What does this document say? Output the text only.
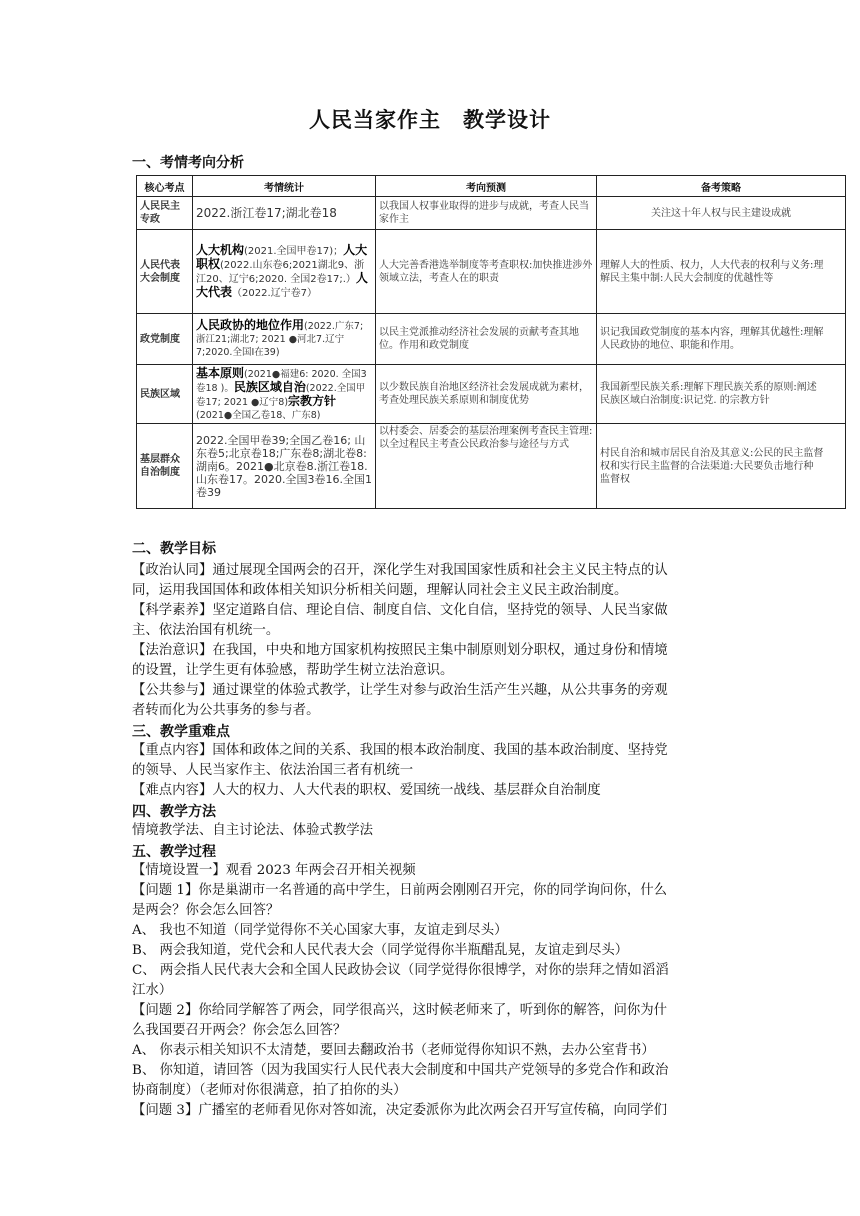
人民当家作主　教学设计
一、考情考向分析
核心考点	考情统计	考向预测	备考策略
人民民主专政	2022.浙江卷17;湖北卷18	以我国人权事业取得的进步与成就，考查人民当家作主	关注这十年人权与民主建设成就
人民代表大会制度	人大机构(2021.全国甲卷17)；人大职权(2022.山东卷6;2021湖北9、浙江20、辽宁6;2020. 全国2卷17;.）人大代表（2022.辽宁卷7）	人大完善香港选举制度等考查职权:加快推进涉外领域立法，考查人在的职责	理解人大的性质、权力，人大代表的权利与义务:理
解民主集中制:人民大会制度的优越性等
政党制度	人民政协的地位作用(2022.广东7; 浙江21;湖北7; 2021 ●河北7.辽宁7;2020.全国I在39)	以民主党派推动经济社会发展的贡献考查其地位。作用和政党制度	识记我国政党制度的基本内容，理解其优越性:理解
人民政协的地位、职能和作用。
民族区域	基本原则(2021●福建6: 2020. 全国3卷18 )。民族区域自治(2022.全国甲卷17; 2021 ●辽宁8)宗教方针(2021●全国乙卷18、广东8)	以少数民族自治地区经济社会发展成就为素材，考查处理民族关系原则和制度优势	我国新型民族关系:理解下理民族关系的原则:阐述
民族区域白治制度:识记党. 的宗教方针
基层群众自治制度	2022.全国甲卷39;全国乙卷16; 山东卷5;北京卷18;广东卷8;湖北卷8:湖南6。2021●北京卷8.浙江卷18.山东卷17。2020.全国3卷16.全国1卷39	以村委会、居委会的基层治理案例考查民主管理:以全过程民主考查公民政治参与途径与方式	村民自治和城市居民自治及其意义:公民的民主监督
权和实行民主监督的合法渠道:大民要负击地行种
监督权
二、教学目标
【政治认同】通过展现全国两会的召开，深化学生对我国国家性质和社会主义民主特点的认
同，运用我国国体和政体相关知识分析相关问题，理解认同社会主义民主政治制度。
【科学素养】坚定道路自信、理论自信、制度自信、文化自信，坚持党的领导、人民当家做
主、依法治国有机统一。
【法治意识】在我国，中央和地方国家机构按照民主集中制原则划分职权，通过身份和情境
的设置，让学生更有体验感，帮助学生树立法治意识。
【公共参与】通过课堂的体验式教学，让学生对参与政治生活产生兴趣，从公共事务的旁观
者转而化为公共事务的参与者。
三、教学重难点
【重点内容】国体和政体之间的关系、我国的根本政治制度、我国的基本政治制度、坚持党
的领导、人民当家作主、依法治国三者有机统一
【难点内容】人大的权力、人大代表的职权、爱国统一战线、基层群众自治制度
四、教学方法
情境教学法、自主讨论法、体验式教学法
五、教学过程
【情境设置一】观看 2023 年两会召开相关视频
【问题 1】你是巢湖市一名普通的高中学生，日前两会刚刚召开完，你的同学询问你，什么
是两会？你会怎么回答？
A、 我也不知道（同学觉得你不关心国家大事，友谊走到尽头）
B、 两会我知道，党代会和人民代表大会（同学觉得你半瓶醋乱晃，友谊走到尽头）
C、 两会指人民代表大会和全国人民政协会议（同学觉得你很博学，对你的崇拜之情如滔滔
江水）
【问题 2】你给同学解答了两会，同学很高兴，这时候老师来了，听到你的解答，问你为什
么我国要召开两会？你会怎么回答？
A、 你表示相关知识不太清楚，要回去翻政治书（老师觉得你知识不熟，去办公室背书）
B、 你知道，请回答（因为我国实行人民代表大会制度和中国共产党领导的多党合作和政治
协商制度）（老师对你很满意，拍了拍你的头）
【问题 3】广播室的老师看见你对答如流，决定委派你为此次两会召开写宣传稿，向同学们
